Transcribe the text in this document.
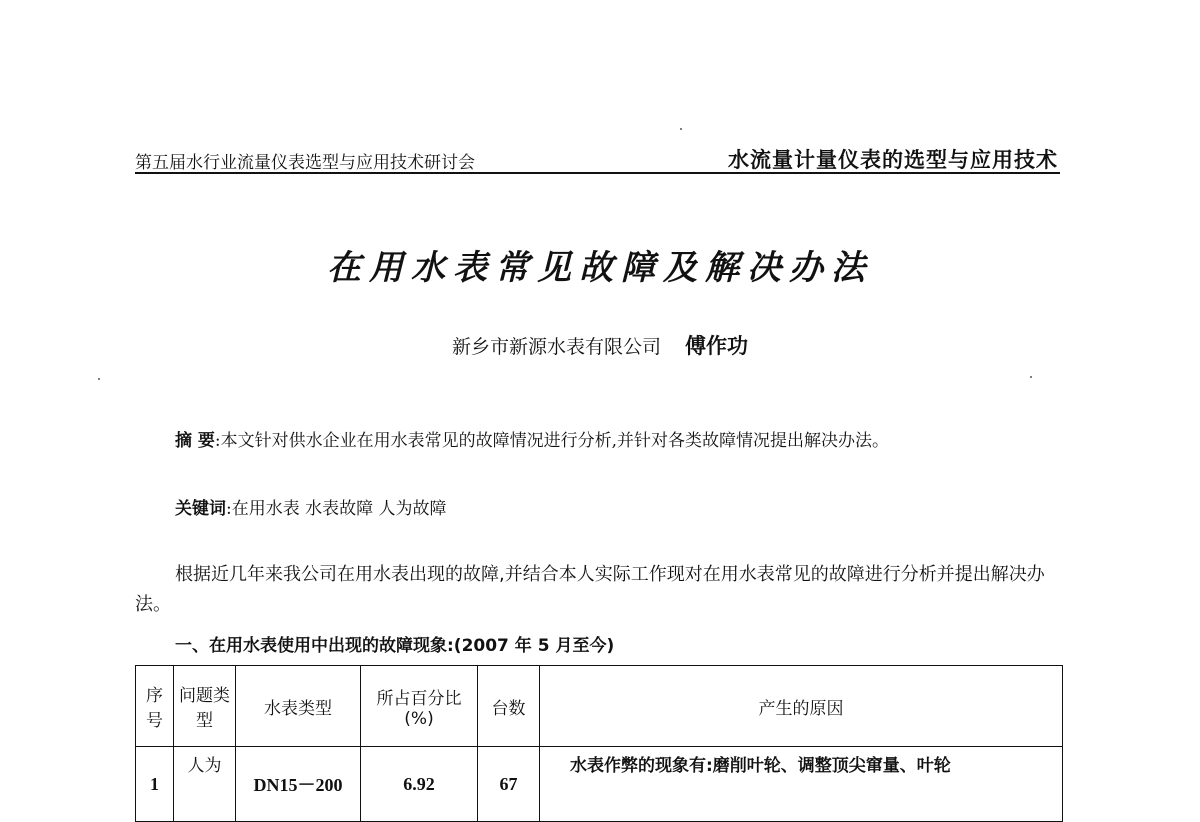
第五届水行业流量仪表选型与应用技术研讨会	水流量计量仪表的选型与应用技术
在用水表常见故障及解决办法
新乡市新源水表有限公司 傅作功
摘 要:本文针对供水企业在用水表常见的故障情况进行分析,并针对各类故障情况提出解决办法。
关键词:在用水表 水表故障 人为故障
根据近几年来我公司在用水表出现的故障,并结合本人实际工作现对在用水表常见的故障进行分析并提出解决办法。
一、在用水表使用中出现的故障现象:(2007 年 5 月至今)
序号	问题类型	水表类型	所占百分比(%)	台数	产生的原因
1	人为	DN15－200	6.92	67	水表作弊的现象有:磨削叶轮、调整顶尖窜量、叶轮
